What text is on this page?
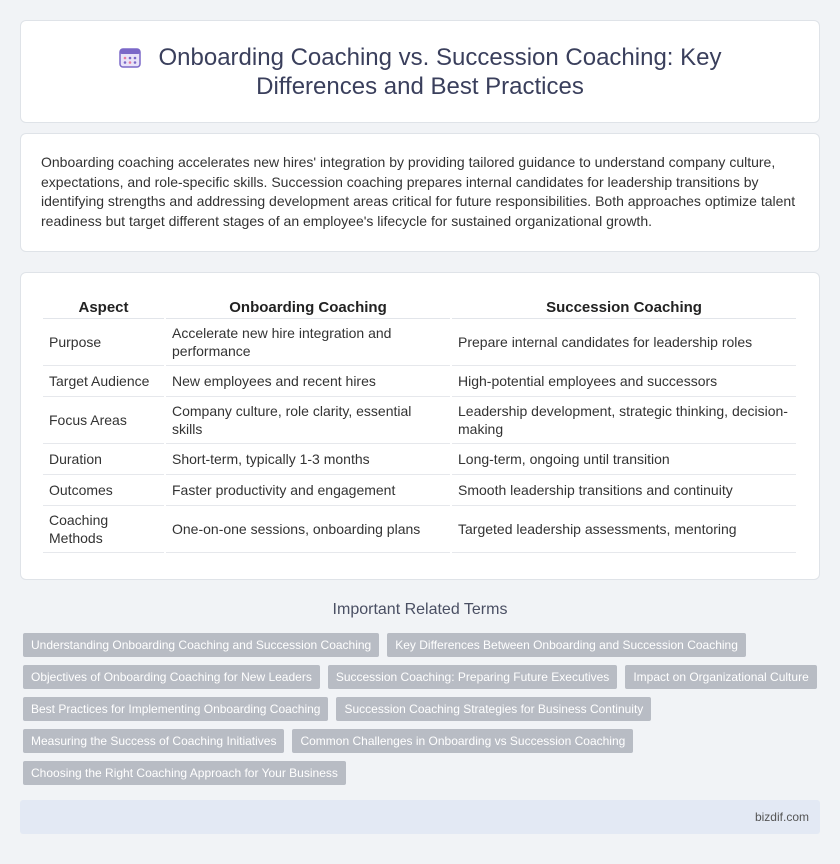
Onboarding Coaching vs. Succession Coaching: Key Differences and Best Practices

Onboarding coaching accelerates new hires' integration by providing tailored guidance to understand company culture, expectations, and role-specific skills. Succession coaching prepares internal candidates for leadership transitions by identifying strengths and addressing development areas critical for future responsibilities. Both approaches optimize talent readiness but target different stages of an employee's lifecycle for sustained organizational growth.

Aspect	Onboarding Coaching	Succession Coaching
Purpose	Accelerate new hire integration and performance	Prepare internal candidates for leadership roles
Target Audience	New employees and recent hires	High-potential employees and successors
Focus Areas	Company culture, role clarity, essential skills	Leadership development, strategic thinking, decision-making
Duration	Short-term, typically 1-3 months	Long-term, ongoing until transition
Outcomes	Faster productivity and engagement	Smooth leadership transitions and continuity
Coaching Methods	One-on-one sessions, onboarding plans	Targeted leadership assessments, mentoring
Important Related Terms
Understanding Onboarding Coaching and Succession Coaching	Key Differences Between Onboarding and Succession Coaching
Objectives of Onboarding Coaching for New Leaders	Succession Coaching: Preparing Future Executives	Impact on Organizational Culture
Best Practices for Implementing Onboarding Coaching	Succession Coaching Strategies for Business Continuity
Measuring the Success of Coaching Initiatives	Common Challenges in Onboarding vs Succession Coaching
Choosing the Right Coaching Approach for Your Business
bizdif.com
